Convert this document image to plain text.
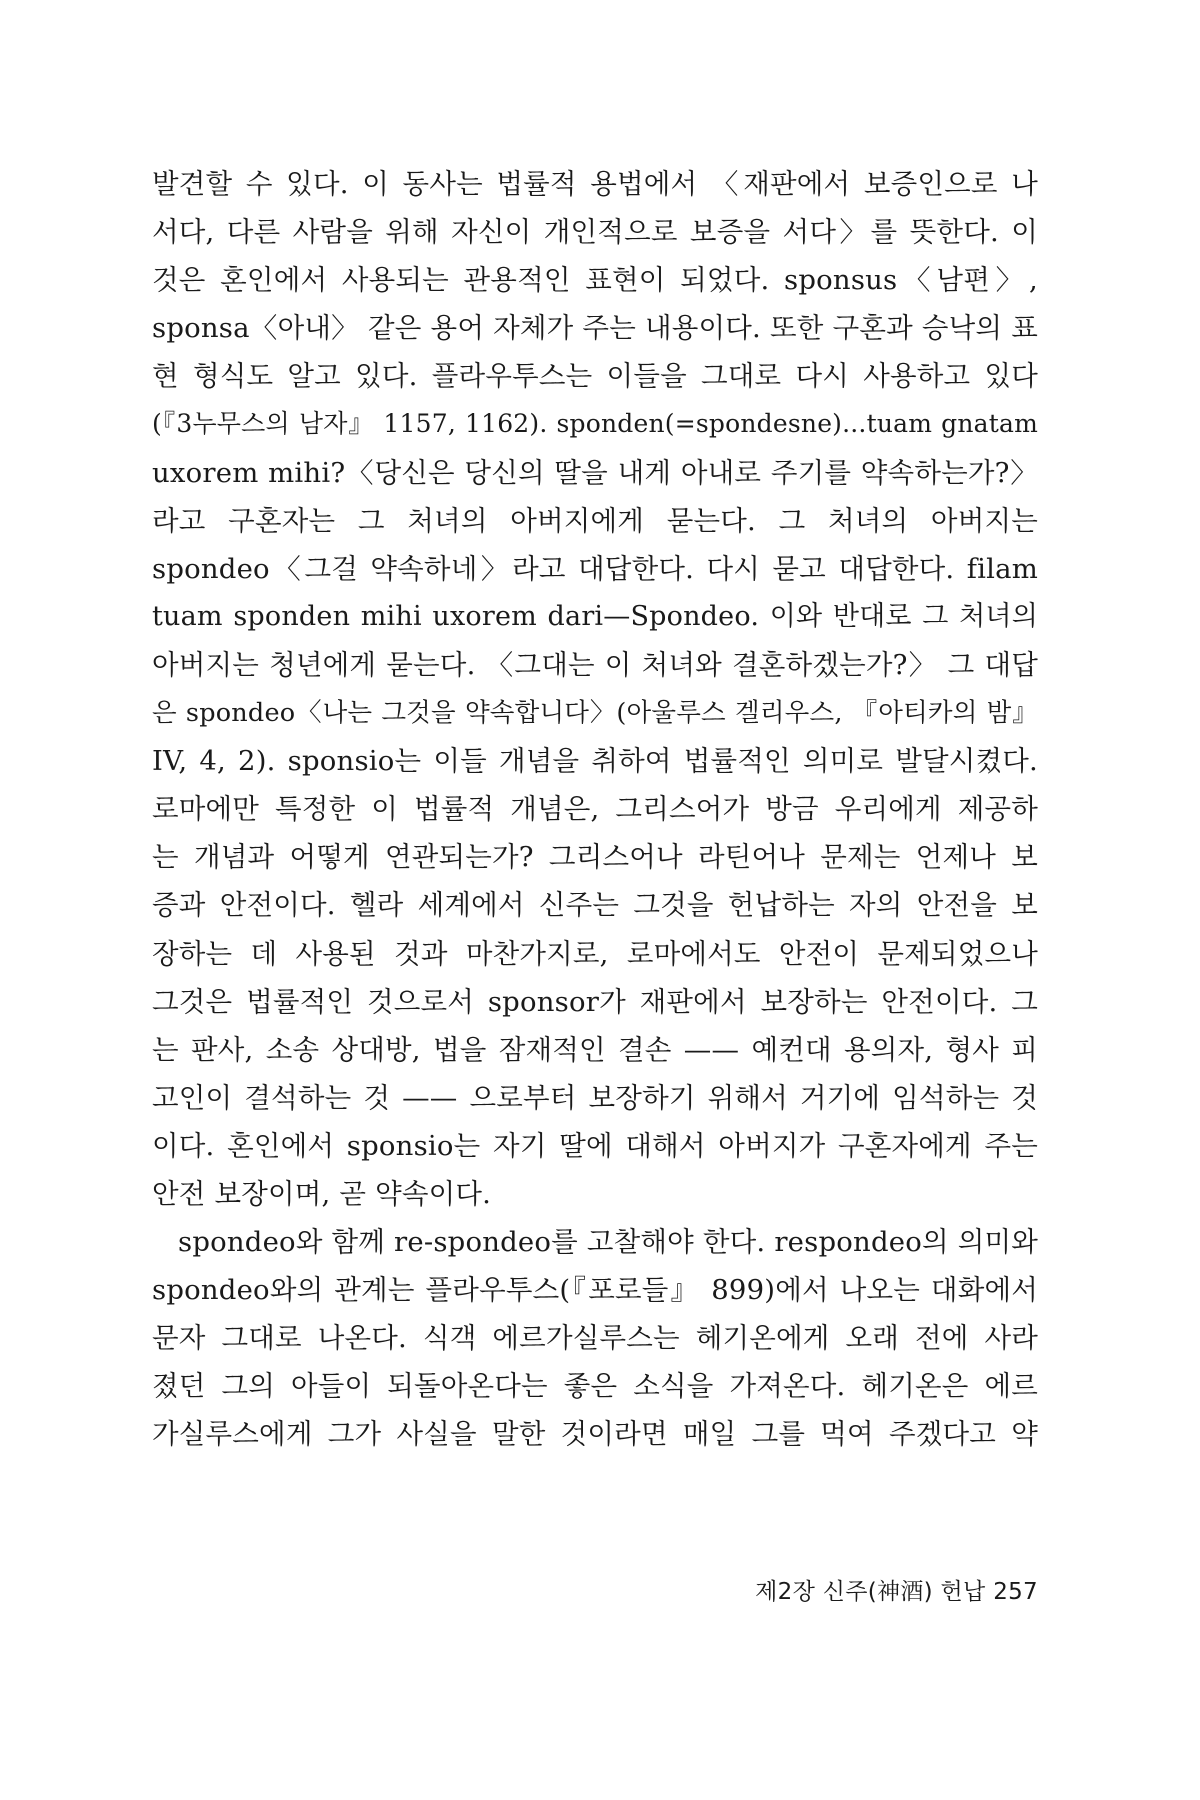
발견할 수 있다. 이 동사는 법률적 용법에서 〈재판에서 보증인으로 나
서다, 다른 사람을 위해 자신이 개인적으로 보증을 서다〉를 뜻한다. 이
것은 혼인에서 사용되는 관용적인 표현이 되었다. sponsus〈남편〉,
sponsa〈아내〉 같은 용어 자체가 주는 내용이다. 또한 구혼과 승낙의 표
현 형식도 알고 있다. 플라우투스는 이들을 그대로 다시 사용하고 있다
(『3누무스의 남자』 1157, 1162). sponden(=spondesne)...tuam gnatam
uxorem mihi?〈당신은 당신의 딸을 내게 아내로 주기를 약속하는가?〉
라고 구혼자는 그 처녀의 아버지에게 묻는다. 그 처녀의 아버지는
spondeo〈그걸 약속하네〉라고 대답한다. 다시 묻고 대답한다. filam
tuam sponden mihi uxorem dari—Spondeo. 이와 반대로 그 처녀의
아버지는 청년에게 묻는다. 〈그대는 이 처녀와 결혼하겠는가?〉 그 대답
은 spondeo〈나는 그것을 약속합니다〉(아울루스 겔리우스, 『아티카의 밤』
IV, 4, 2). sponsio는 이들 개념을 취하여 법률적인 의미로 발달시켰다.
로마에만 특정한 이 법률적 개념은, 그리스어가 방금 우리에게 제공하
는 개념과 어떻게 연관되는가? 그리스어나 라틴어나 문제는 언제나 보
증과 안전이다. 헬라 세계에서 신주는 그것을 헌납하는 자의 안전을 보
장하는 데 사용된 것과 마찬가지로, 로마에서도 안전이 문제되었으나
그것은 법률적인 것으로서 sponsor가 재판에서 보장하는 안전이다. 그
는 판사, 소송 상대방, 법을 잠재적인 결손 —— 예컨대 용의자, 형사 피
고인이 결석하는 것 —— 으로부터 보장하기 위해서 거기에 임석하는 것
이다. 혼인에서 sponsio는 자기 딸에 대해서 아버지가 구혼자에게 주는
안전 보장이며, 곧 약속이다.
spondeo와 함께 re-spondeo를 고찰해야 한다. respondeo의 의미와
spondeo와의 관계는 플라우투스(『포로들』 899)에서 나오는 대화에서
문자 그대로 나온다. 식객 에르가실루스는 헤기온에게 오래 전에 사라
졌던 그의 아들이 되돌아온다는 좋은 소식을 가져온다. 헤기온은 에르
가실루스에게 그가 사실을 말한 것이라면 매일 그를 먹여 주겠다고 약
제2장 신주(神酒) 헌납 257
